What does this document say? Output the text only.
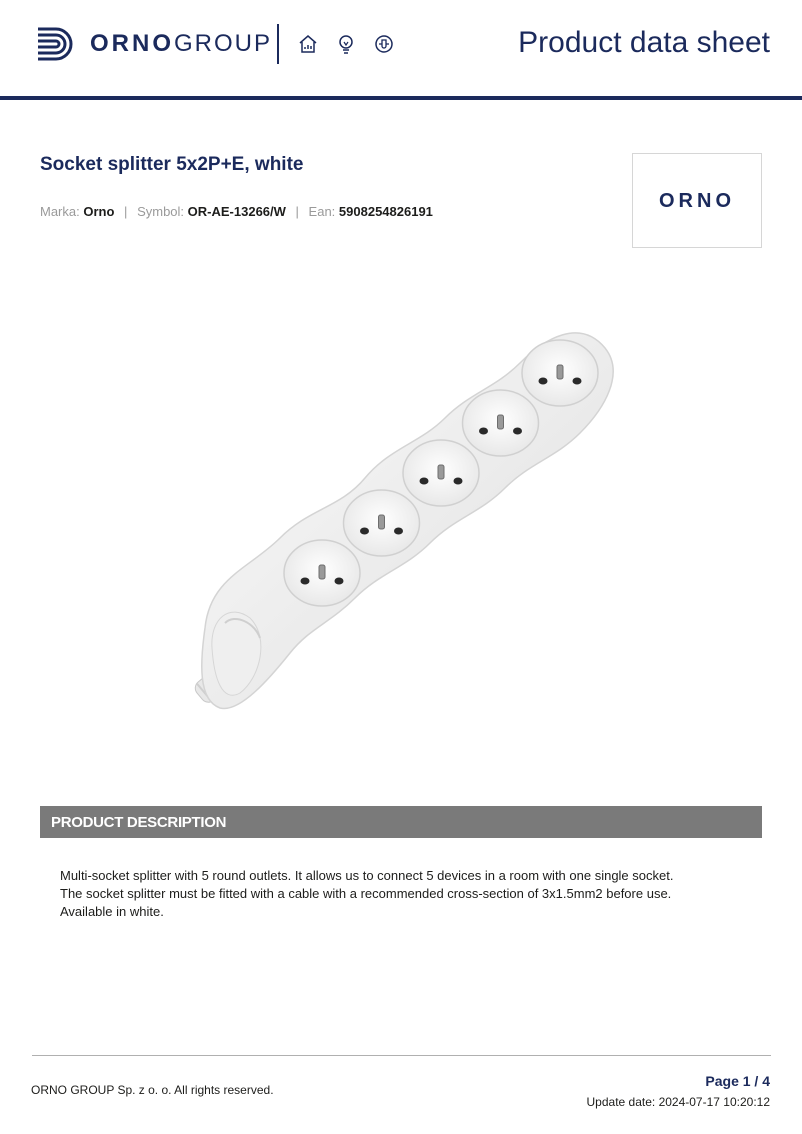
ORNOGROUP	Product data sheet
Socket splitter 5x2P+E, white
Marka: Orno | Symbol: OR-AE-13266/W | Ean: 5908254826191	ORNO
PRODUCT DESCRIPTION

Multi-socket splitter with 5 round outlets. It allows us to connect 5 devices in a room with one single socket.

The socket splitter must be fitted with a cable with a recommended cross-section of 3x1.5mm2 before use.

Available in white.

ORNO GROUP Sp. z o. o. All rights reserved.
Page 1 / 4
Update date: 2024-07-17 10:20:12
